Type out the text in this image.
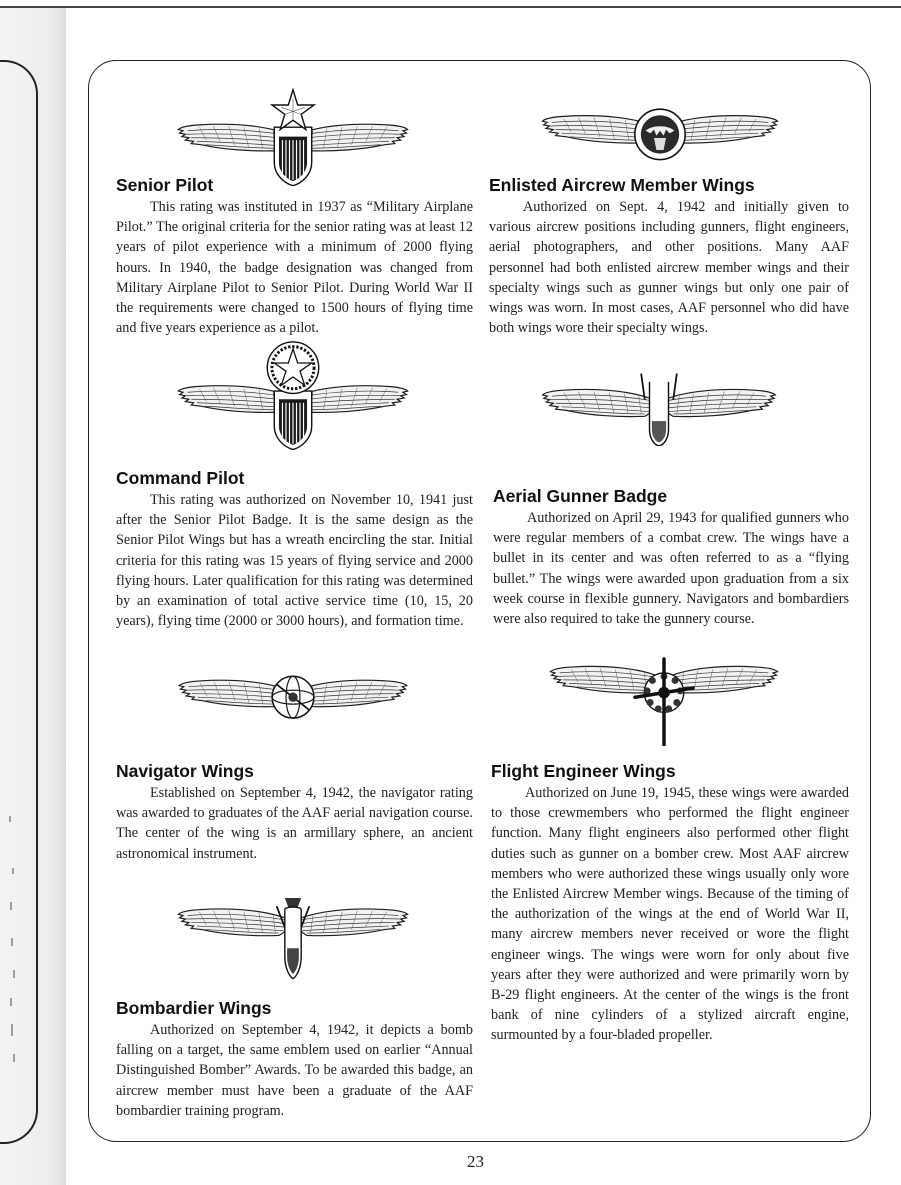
Senior Pilot

This rating was instituted in 1937 as “Military Airplane Pilot.” The original criteria for the senior rating was at least 12 years of pilot experience with a minimum of 2000 flying hours. In 1940, the badge designation was changed from Military Airplane Pilot to Senior Pilot. During World War II the requirements were changed to 1500 hours of flying time and five years experience as a pilot.

Enlisted Aircrew Member Wings

Authorized on Sept. 4, 1942 and initially given to various aircrew positions including gunners, flight engineers, aerial photographers, and other positions. Many AAF personnel had both enlisted aircrew member wings and their specialty wings such as gunner wings but only one pair of wings was worn. In most cases, AAF personnel who did have both wings wore their specialty wings.

Command Pilot

This rating was authorized on November 10, 1941 just after the Senior Pilot Badge. It is the same design as the Senior Pilot Wings but has a wreath encircling the star. Initial criteria for this rating was 15 years of flying service and 2000 flying hours. Later qualification for this rating was determined by an examination of total active service time (10, 15, 20 years), flying time (2000 or 3000 hours), and formation time.

Aerial Gunner Badge

Authorized on April 29, 1943 for qualified gunners who were regular members of a combat crew. The wings have a bullet in its center and was often referred to as a “flying bullet.” The wings were awarded upon graduation from a six week course in flexible gunnery. Navigators and bombardiers were also required to take the gunnery course.

Navigator Wings

Established on September 4, 1942, the navigator rating was awarded to graduates of the AAF aerial navigation course. The center of the wing is an armillary sphere, an ancient astronomical instrument.

Flight Engineer Wings

Authorized on June 19, 1945, these wings were awarded to those crewmembers who performed the flight engineer function. Many flight engineers also performed other flight duties such as gunner on a bomber crew. Most AAF aircrew members who were authorized these wings usually only wore the Enlisted Aircrew Member wings. Because of the timing of the authorization of the wings at the end of World War II, many aircrew members never received or wore the flight engineer wings. The wings were worn for only about five years after they were authorized and were primarily worn by B-29 flight engineers. At the center of the wings is the front bank of nine cylinders of a stylized aircraft engine, surmounted by a four-bladed propeller.

Bombardier Wings

Authorized on September 4, 1942, it depicts a bomb falling on a target, the same emblem used on earlier “Annual Distinguished Bomber” Awards. To be awarded this badge, an aircrew member must have been a graduate of the AAF bombardier training program.

23
